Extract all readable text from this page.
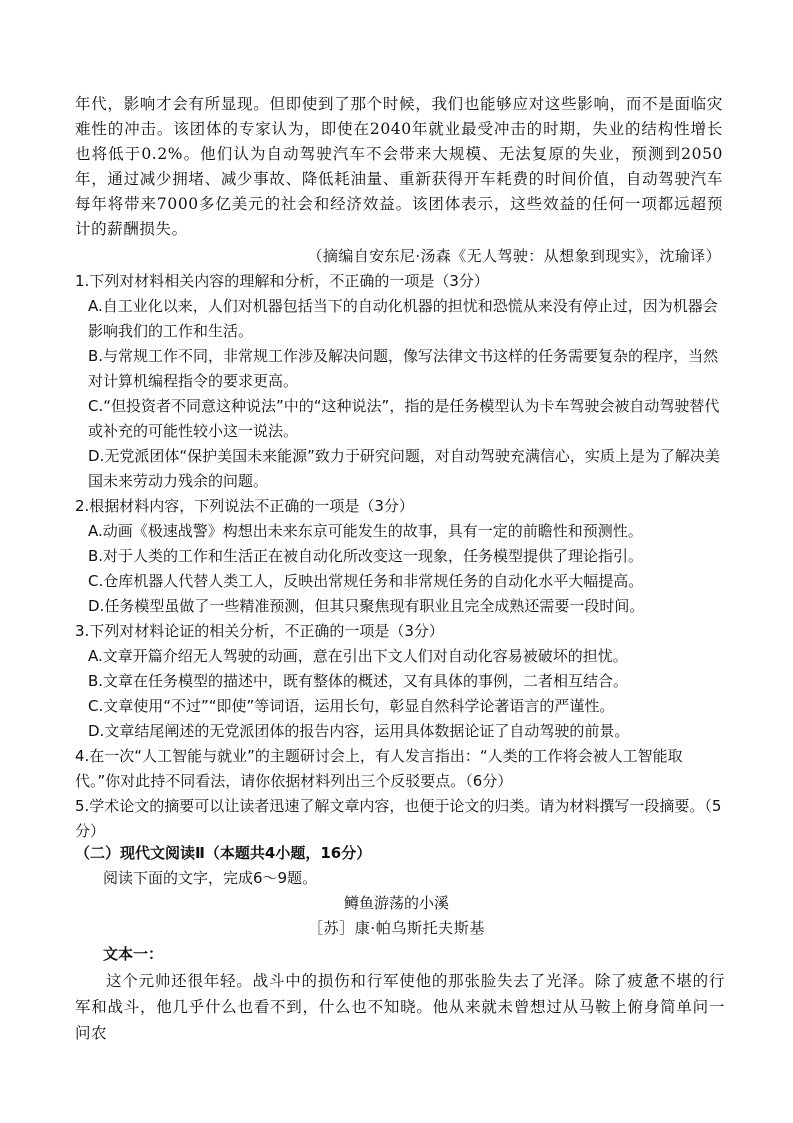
年代，影响才会有所显现。但即使到了那个时候，我们也能够应对这些影响，而不是面临灾难性的冲击。该团体的专家认为，即使在2040年就业最受冲击的时期，失业的结构性增长也将低于0.2%。他们认为自动驾驶汽车不会带来大规模、无法复原的失业，预测到2050年，通过减少拥堵、减少事故、降低耗油量、重新获得开车耗费的时间价值，自动驾驶汽车每年将带来7000多亿美元的社会和经济效益。该团体表示，这些效益的任何一项都远超预计的薪酬损失。

（摘编自安东尼·汤森《无人驾驶：从想象到现实》，沈瑜译）

1.下列对材料相关内容的理解和分析，不正确的一项是（3分）

A.自工业化以来，人们对机器包括当下的自动化机器的担忧和恐慌从来没有停止过，因为机器会影响我们的工作和生活。

B.与常规工作不同，非常规工作涉及解决问题，像写法律文书这样的任务需要复杂的程序，当然对计算机编程指令的要求更高。

C.“但投资者不同意这种说法”中的“这种说法”，指的是任务模型认为卡车驾驶会被自动驾驶替代或补充的可能性较小这一说法。

D.无党派团体“保护美国未来能源”致力于研究问题，对自动驾驶充满信心，实质上是为了解决美国未来劳动力残余的问题。

2.根据材料内容，下列说法不正确的一项是（3分）

A.动画《极速战警》构想出未来东京可能发生的故事，具有一定的前瞻性和预测性。

B.对于人类的工作和生活正在被自动化所改变这一现象，任务模型提供了理论指引。

C.仓库机器人代替人类工人，反映出常规任务和非常规任务的自动化水平大幅提高。

D.任务模型虽做了一些精准预测，但其只聚焦现有职业且完全成熟还需要一段时间。

3.下列对材料论证的相关分析，不正确的一项是（3分）

A.文章开篇介绍无人驾驶的动画，意在引出下文人们对自动化容易被破坏的担忧。

B.文章在任务模型的描述中，既有整体的概述，又有具体的事例，二者相互结合。

C.文章使用“不过”“即使”等词语，运用长句，彰显自然科学论著语言的严谨性。

D.文章结尾阐述的无党派团体的报告内容，运用具体数据论证了自动驾驶的前景。

4.在一次“人工智能与就业”的主题研讨会上，有人发言指出：“人类的工作将会被人工智能取代。”你对此持不同看法，请你依据材料列出三个反驳要点。（6分）

5.学术论文的摘要可以让读者迅速了解文章内容，也便于论文的归类。请为材料撰写一段摘要。（5分）

（二）现代文阅读Ⅱ（本题共4小题，16分）
阅读下面的文字，完成6～9题。
鳟鱼游荡的小溪
［苏］康·帕乌斯托夫斯基
文本一：

这个元帅还很年轻。战斗中的损伤和行军使他的那张脸失去了光泽。除了疲惫不堪的行军和战斗，他几乎什么也看不到，什么也不知晓。他从来就未曾想过从马鞍上俯身简单问一问农
